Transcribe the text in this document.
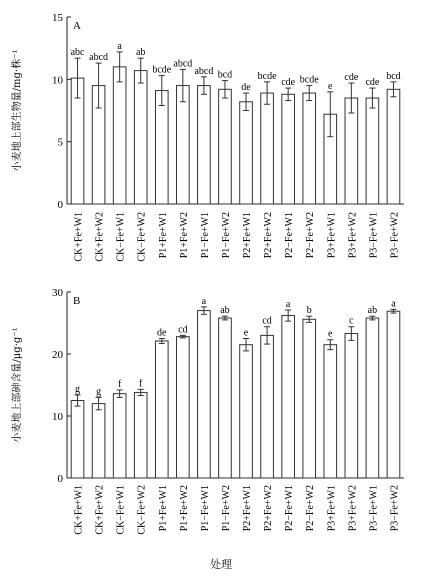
0
5
10
15
A
小麦地上部生物量/mg·株⁻¹	abc
CK+Fe+W1
abcd
CK+Fe+W2
a
CK−Fe+W1
ab
CK−Fe+W2
bcde
P1+Fe+W1
abcd
P1+Fe+W2
abcd
P1−Fe+W1
bcd
P1−Fe+W2
de
P2+Fe+W1
bcde
P2+Fe+W2
cde
P2−Fe+W1
bcde
P2−Fe+W2
e
P3+Fe+W1
cde
P3+Fe+W2
cde
P3−Fe+W1
bcd
P3−Fe+W2
0
10
20
30
B
小麦地上部砷含量/μg·g⁻¹	g
CK+Fe+W1
g
CK+Fe+W2
f
CK−Fe+W1
f
CK−Fe+W2
de
P1+Fe+W1
cd
P1+Fe+W2
a
P1−Fe+W1
ab
P1−Fe+W2
e
P2+Fe+W1
cd
P2+Fe+W2
a
P2−Fe+W1
b
P2−Fe+W2
e
P3+Fe+W1
c
P3+Fe+W2
ab
P3−Fe+W1
a
P3−Fe+W2
处理
